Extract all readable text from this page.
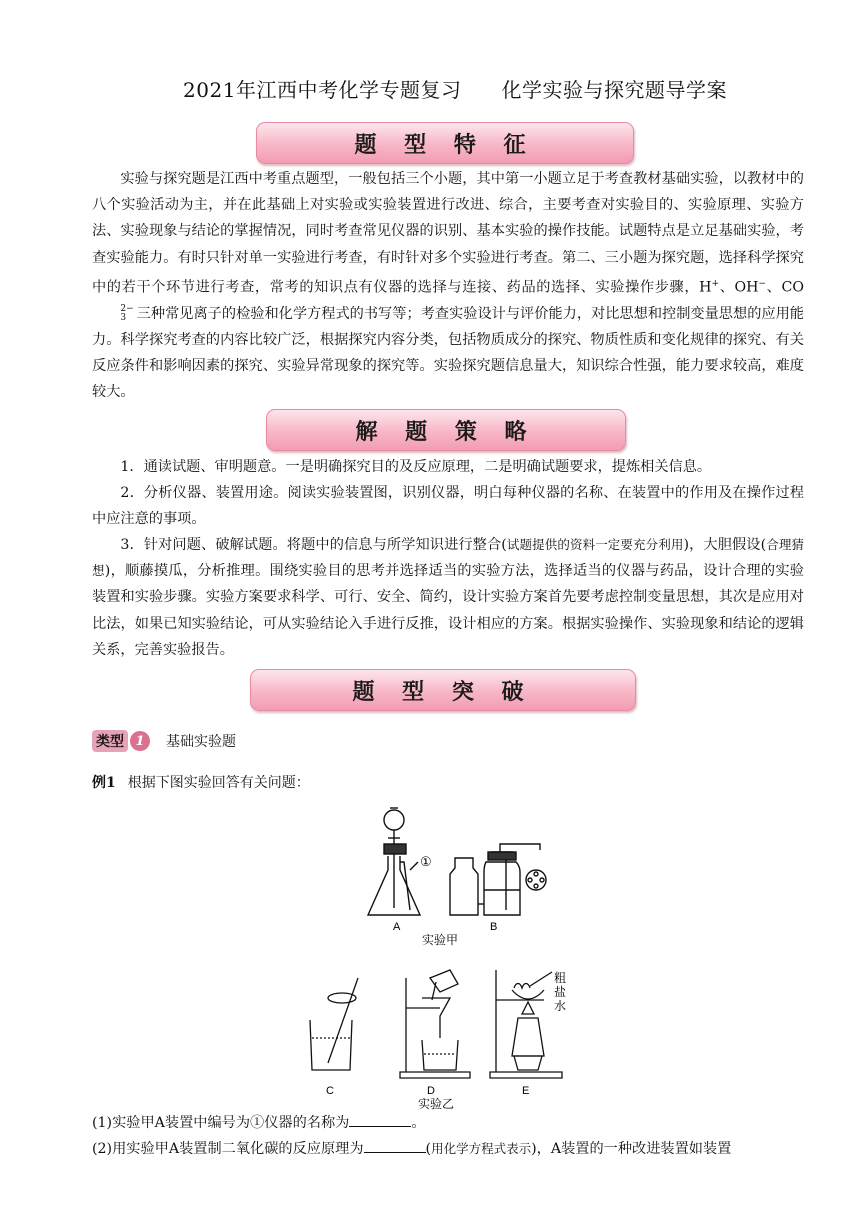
2021年江西中考化学专题复习 化学实验与探究题导学案
题 型 特 征
实验与探究题是江西中考重点题型，一般包括三个小题，其中第一小题立足于考查教材基础实验，以教材中的八个实验活动为主，并在此基础上对实验或实验装置进行改进、综合，主要考查对实验目的、实验原理、实验方法、实验现象与结论的掌握情况，同时考查常见仪器的识别、基本实验的操作技能。试题特点是立足基础实验，考查实验能力。有时只针对单一实验进行考查，有时针对多个实验进行考查。第二、三小题为探究题，选择科学探究中的若干个环节进行考查，常考的知识点有仪器的选择与连接、药品的选择、实验操作步骤，H+、OH−、CO
2−
3 三种常见离子的检验和化学方程式的书写等；考查实验设计与评价能力，对比思想和控制变量思想的应用能力。科学探究考查的内容比较广泛，根据探究内容分类，包括物质成分的探究、物质性质和变化规律的探究、有关反应条件和影响因素的探究、实验异常现象的探究等。实验探究题信息量大，知识综合性强，能力要求较高，难度较大。
解 题 策 略
1．通读试题、审明题意。一是明确探究目的及反应原理，二是明确试题要求，提炼相关信息。
2．分析仪器、装置用途。阅读实验装置图，识别仪器，明白每种仪器的名称、在装置中的作用及在操作过程中应注意的事项。
3．针对问题、破解试题。将题中的信息与所学知识进行整合(试题提供的资料一定要充分利用)，大胆假设(合理猜想)，顺藤摸瓜，分析推理。围绕实验目的思考并选择适当的实验方法，选择适当的仪器与药品，设计合理的实验装置和实验步骤。实验方案要求科学、可行、安全、简约，设计实验方案首先要考虑控制变量思想，其次是应用对比法，如果已知实验结论，可从实验结论入手进行反推，设计相应的方案。根据实验操作、实验现象和结论的逻辑关系，完善实验报告。
题 型 突 破
类型 1	基础实验题
例1 根据下图实验回答有关问题：
①
A	B
实验甲
粗
盐
水
C	D	E
实验乙
(1)实验甲A装置中编号为①仪器的名称为	。
(2)用实验甲A装置制二氧化碳的反应原理为	(用化学方程式表示)，A装置的一种改进装置如装置
